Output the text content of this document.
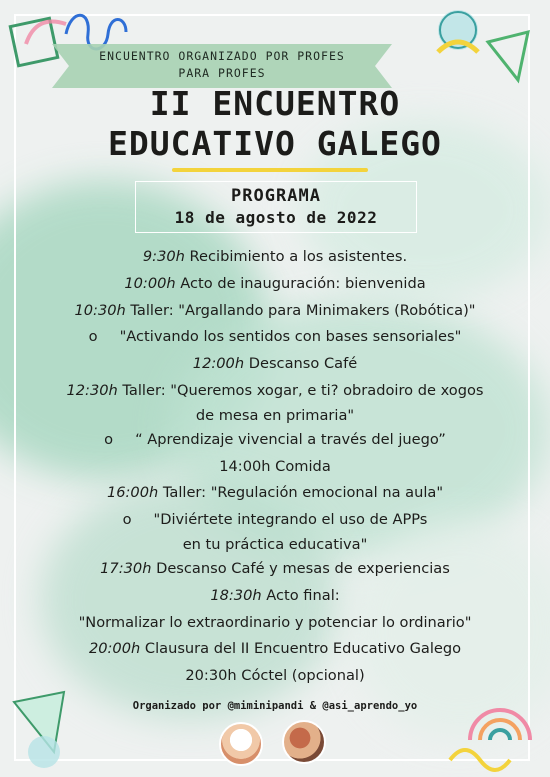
ENCUENTRO ORGANIZADO POR PROFES
PARA PROFES
II ENCUENTRO
EDUCATIVO GALEGO
PROGRAMA
18 de agosto de 2022
9:30h Recibimiento a los asistentes.
10:00h Acto de inauguración: bienvenida
10:30h Taller: "Argallando para Minimakers (Robótica)"
o "Activando los sentidos con bases sensoriales"
12:00h Descanso Café
12:30h Taller: "Queremos xogar, e ti? obradoiro de xogos
de mesa en primaria"
o “ Aprendizaje vivencial a través del juego”
14:00h Comida
16:00h Taller: "Regulación emocional na aula"
o "Diviértete integrando el uso de APPs
en tu práctica educativa"
17:30h Descanso Café y mesas de experiencias
18:30h Acto final:
"Normalizar lo extraordinario y potenciar lo ordinario"
20:00h Clausura del II Encuentro Educativo Galego
20:30h Cóctel (opcional)
Organizado por @miminipandi & @asi_aprendo_yo
